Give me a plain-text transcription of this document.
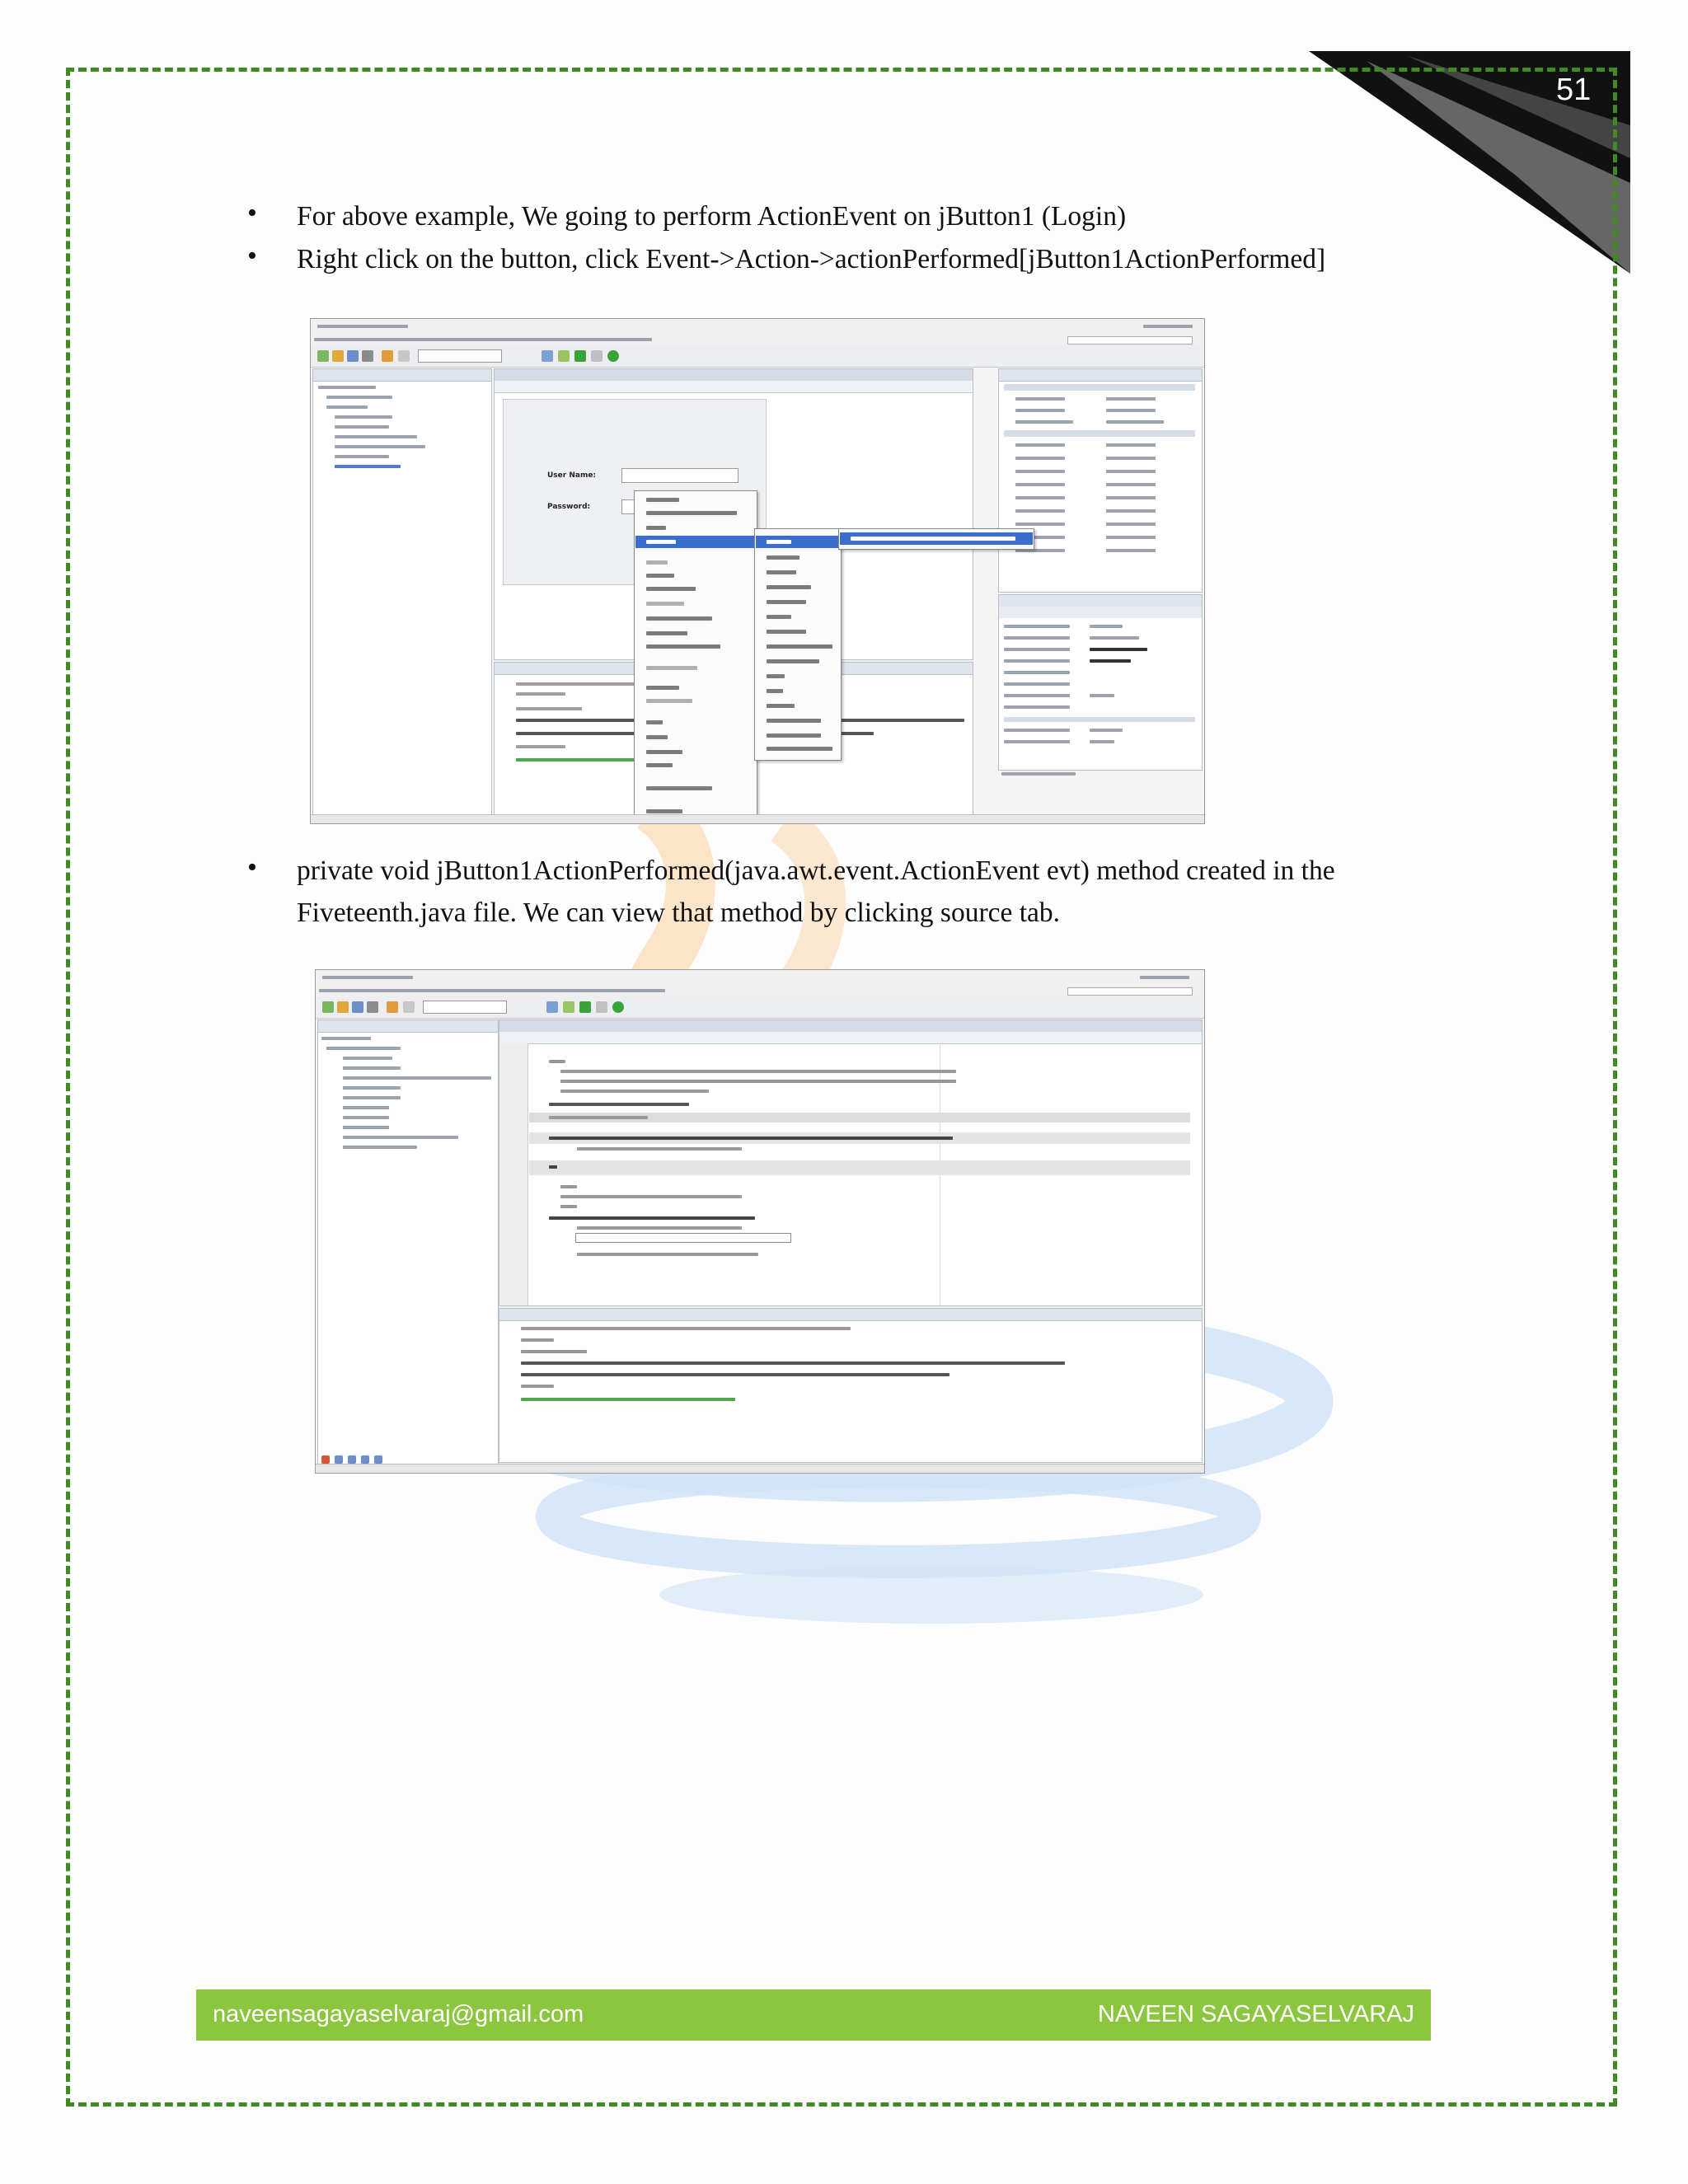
51
• For above example, We going to perform ActionEvent on jButton1 (Login)
• Right click on the button, click Event->Action->actionPerformed[jButton1ActionPerformed]
User Name:
Password:
• private void jButton1ActionPerformed(java.awt.event.ActionEvent evt) method created in the
Fiveteenth.java file. We can view that method by clicking source tab.
naveensagayaselvaraj@gmail.com	NAVEEN SAGAYASELVARAJ
